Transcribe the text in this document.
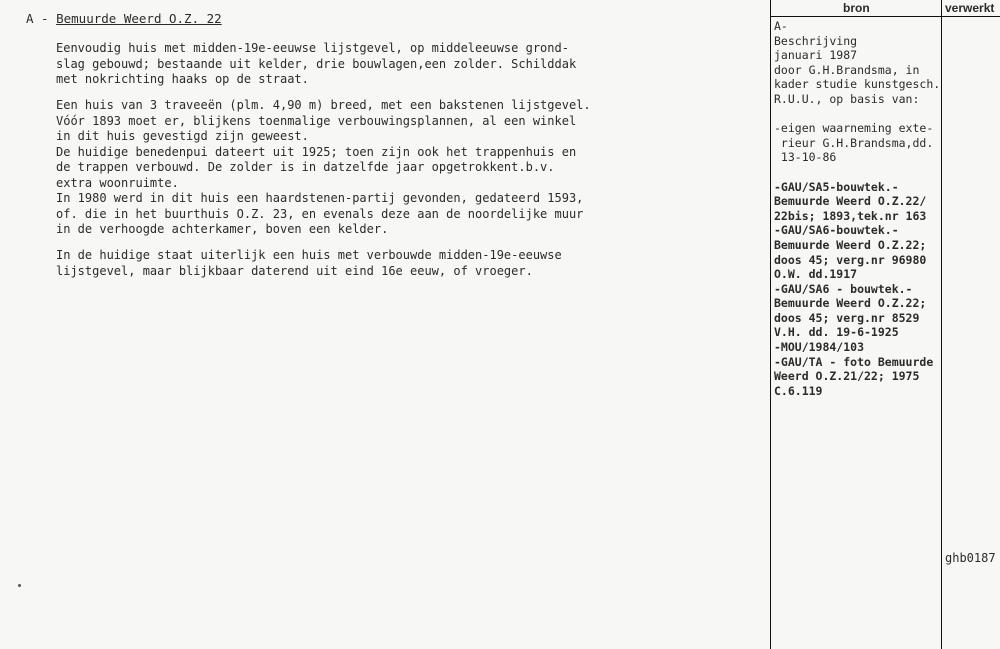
A - Bemuurde Weerd O.Z. 22
Eenvoudig huis met midden-19e-eeuwse lijstgevel, op middeleeuwse grond-
slag gebouwd; bestaande uit kelder, drie bouwlagen,een zolder. Schilddak
met nokrichting haaks op de straat.
Een huis van 3 traveeën (plm. 4,90 m) breed, met een bakstenen lijstgevel.
Vóór 1893 moet er, blijkens toenmalige verbouwingsplannen, al een winkel
in dit huis gevestigd zijn geweest.
De huidige benedenpui dateert uit 1925; toen zijn ook het trappenhuis en
de trappen verbouwd. De zolder is in datzelfde jaar opgetrokkent.b.v.
extra woonruimte.
In 1980 werd in dit huis een haardstenen-partij gevonden, gedateerd 1593,
of. die in het buurthuis O.Z. 23, en evenals deze aan de noordelijke muur
in de verhoogde achterkamer, boven een kelder.
In de huidige staat uiterlijk een huis met verbouwde midden-19e-eeuwse
lijstgevel, maar blijkbaar daterend uit eind 16e eeuw, of vroeger.
bron	verwerkt
A-
Beschrijving
januari 1987
door G.H.Brandsma, in
kader studie kunstgesch.
R.U.U., op basis van:

-eigen waarneming exte-
rieur G.H.Brandsma,dd.
13-10-86

-GAU/SA5-bouwtek.-
Bemuurde Weerd O.Z.22/
22bis; 1893,tek.nr 163
-GAU/SA6-bouwtek.-
Bemuurde Weerd O.Z.22;
doos 45; verg.nr 96980
O.W. dd.1917
-GAU/SA6 - bouwtek.-
Bemuurde Weerd O.Z.22;
doos 45; verg.nr 8529
V.H. dd. 19-6-1925
-MOU/1984/103
-GAU/TA - foto Bemuurde
Weerd O.Z.21/22; 1975
C.6.119
ghb0187
